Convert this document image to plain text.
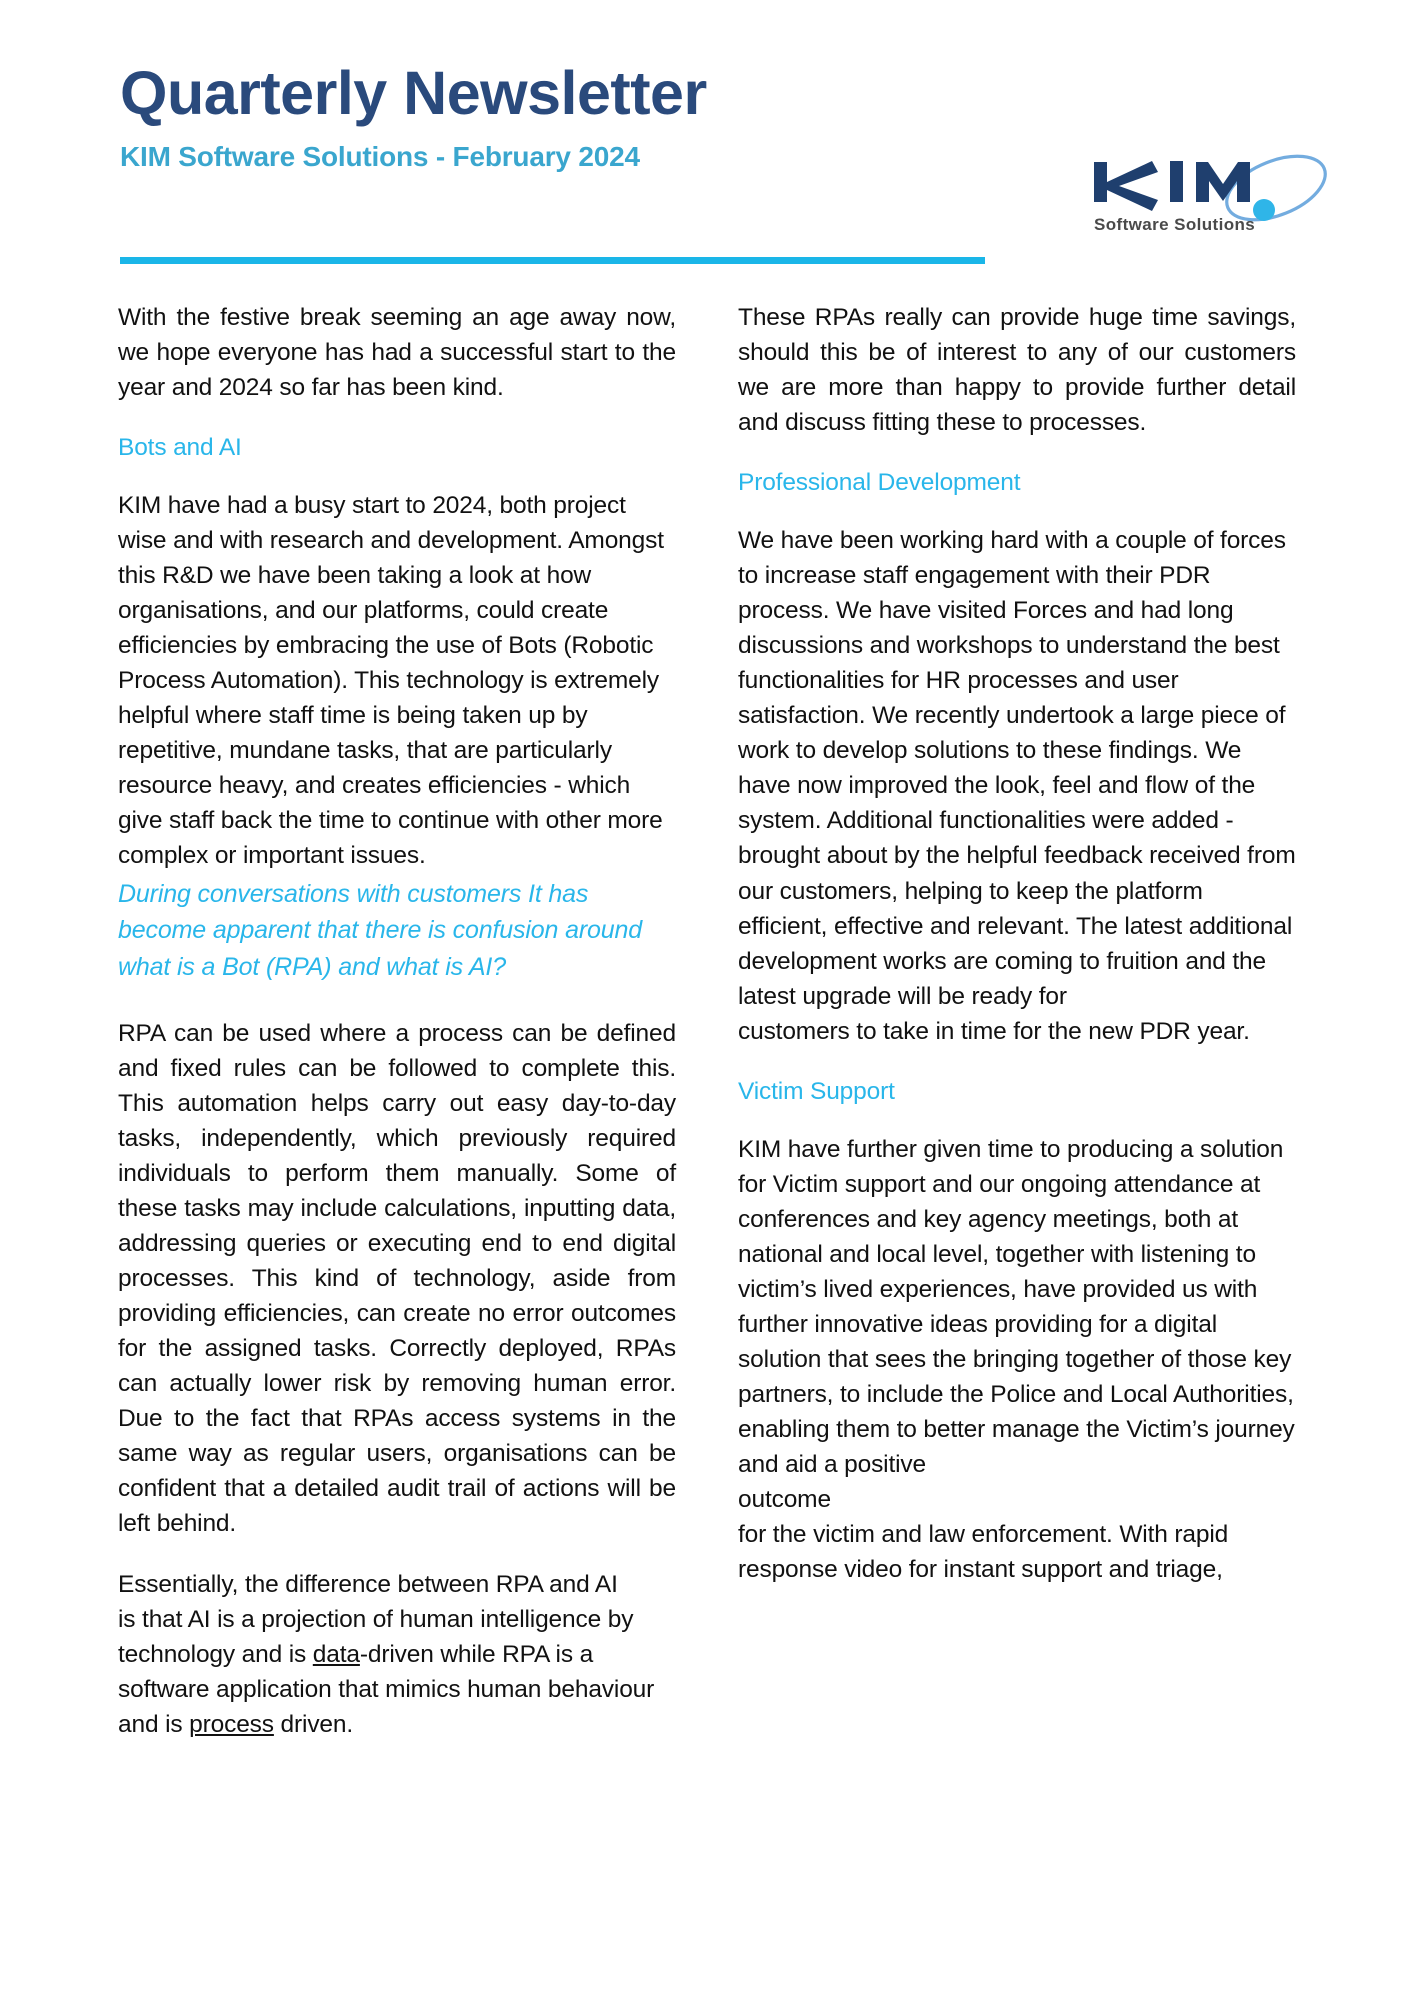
Quarterly Newsletter
KIM Software Solutions - February 2024
Software Solutions

With the festive break seeming an age away now, we hope everyone has had a successful start to the year and 2024 so far has been kind.

Bots and AI

KIM have had a busy start to 2024, both project wise and with research and development. Amongst this R&D we have been taking a look at how organisations, and our platforms, could create efficiencies by embracing the use of Bots (Robotic Process Automation). This technology is extremely helpful where staff time is being taken up by repetitive, mundane tasks, that are particularly resource heavy, and creates efficiencies - which give staff back the time to continue with other more complex or important issues.

During conversations with customers It has become apparent that there is confusion around what is a Bot (RPA) and what is AI?

RPA can be used where a process can be defined and fixed rules can be followed to complete this. This automation helps carry out easy day-to-day tasks, independently, which previously required individuals to perform them manually. Some of these tasks may include calculations, inputting data, addressing queries or executing end to end digital processes. This kind of technology, aside from providing efficiencies, can create no error outcomes for the assigned tasks. Correctly deployed, RPAs can actually lower risk by removing human error. Due to the fact that RPAs access systems in the same way as regular users, organisations can be confident that a detailed audit trail of actions will be left behind.

Essentially, the difference between RPA and AI

is that AI is a projection of human intelligence by technology and is data-driven while RPA is a software application that mimics human behaviour and is process driven.

These RPAs really can provide huge time savings, should this be of interest to any of our customers we are more than happy to provide further detail and discuss fitting these to processes.

Professional Development

We have been working hard with a couple of forces to increase staff engagement with their PDR process. We have visited Forces and had long discussions and workshops to understand the best functionalities for HR processes and user satisfaction. We recently undertook a large piece of work to develop solutions to these findings. We have now improved the look, feel and flow of the system. Additional functionalities were added - brought about by the helpful feedback received from our customers, helping to keep the platform efficient, effective and relevant. The latest additional development works are coming to fruition and the latest upgrade will be ready for

customers to take in time for the new PDR year.

Victim Support

KIM have further given time to producing a solution for Victim support and our ongoing attendance at conferences and key agency meetings, both at national and local level, together with listening to victim’s lived experiences, have provided us with further innovative ideas providing for a digital solution that sees the bringing together of those key partners, to include the Police and Local Authorities, enabling them to better manage the Victim’s journey and aid a positive

outcome

for the victim and law enforcement. With rapid response video for instant support and triage,
